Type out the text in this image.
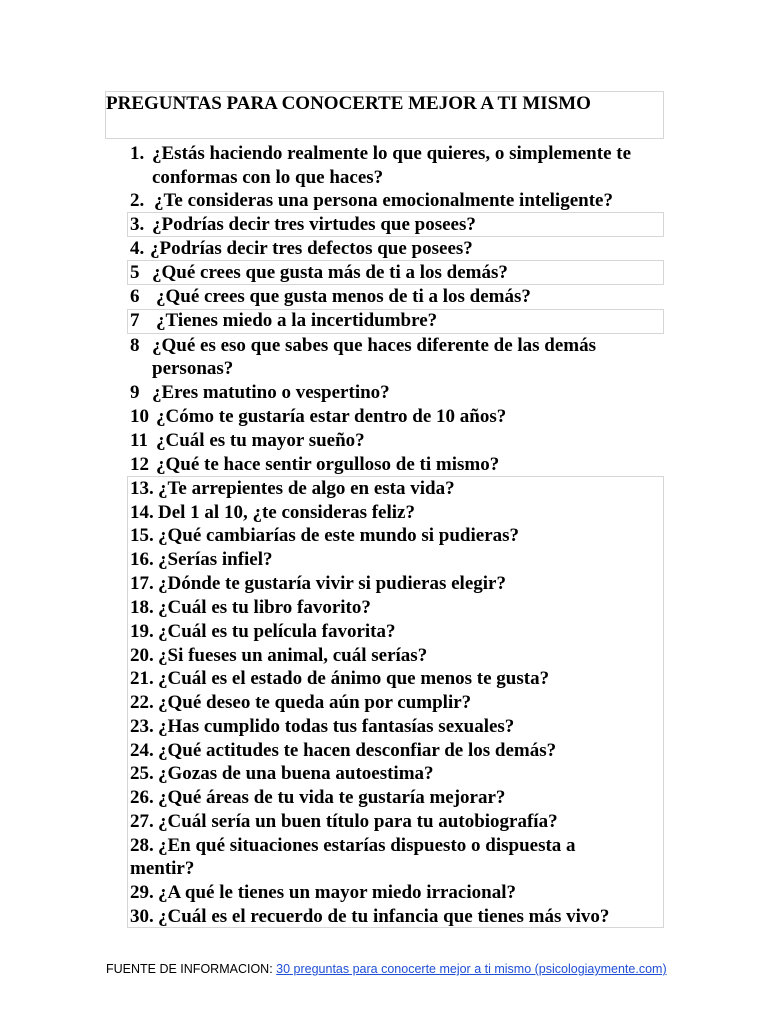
PREGUNTAS PARA CONOCERTE MEJOR A TI MISMO
1. ¿Estás haciendo realmente lo que quieres, o simplemente te
conformas con lo que haces?
2. ¿Te consideras una persona emocionalmente inteligente?
3. ¿Podrías decir tres virtudes que posees?
4. ¿Podrías decir tres defectos que posees?
5 ¿Qué crees que gusta más de ti a los demás?
6 ¿Qué crees que gusta menos de ti a los demás?
7 ¿Tienes miedo a la incertidumbre?
8 ¿Qué es eso que sabes que haces diferente de las demás
personas?
9 ¿Eres matutino o vespertino?
10 ¿Cómo te gustaría estar dentro de 10 años?
11 ¿Cuál es tu mayor sueño?
12 ¿Qué te hace sentir orgulloso de ti mismo?
13. ¿Te arrepientes de algo en esta vida?
14. Del 1 al 10, ¿te consideras feliz?
15. ¿Qué cambiarías de este mundo si pudieras?
16. ¿Serías infiel?
17. ¿Dónde te gustaría vivir si pudieras elegir?
18. ¿Cuál es tu libro favorito?
19. ¿Cuál es tu película favorita?
20. ¿Si fueses un animal, cuál serías?
21. ¿Cuál es el estado de ánimo que menos te gusta?
22. ¿Qué deseo te queda aún por cumplir?
23. ¿Has cumplido todas tus fantasías sexuales?
24. ¿Qué actitudes te hacen desconfiar de los demás?
25. ¿Gozas de una buena autoestima?
26. ¿Qué áreas de tu vida te gustaría mejorar?
27. ¿Cuál sería un buen título para tu autobiografía?
28. ¿En qué situaciones estarías dispuesto o dispuesta a
mentir?
29. ¿A qué le tienes un mayor miedo irracional?
30. ¿Cuál es el recuerdo de tu infancia que tienes más vivo?
FUENTE DE INFORMACION: 30 preguntas para conocerte mejor a ti mismo (psicologiaymente.com)
